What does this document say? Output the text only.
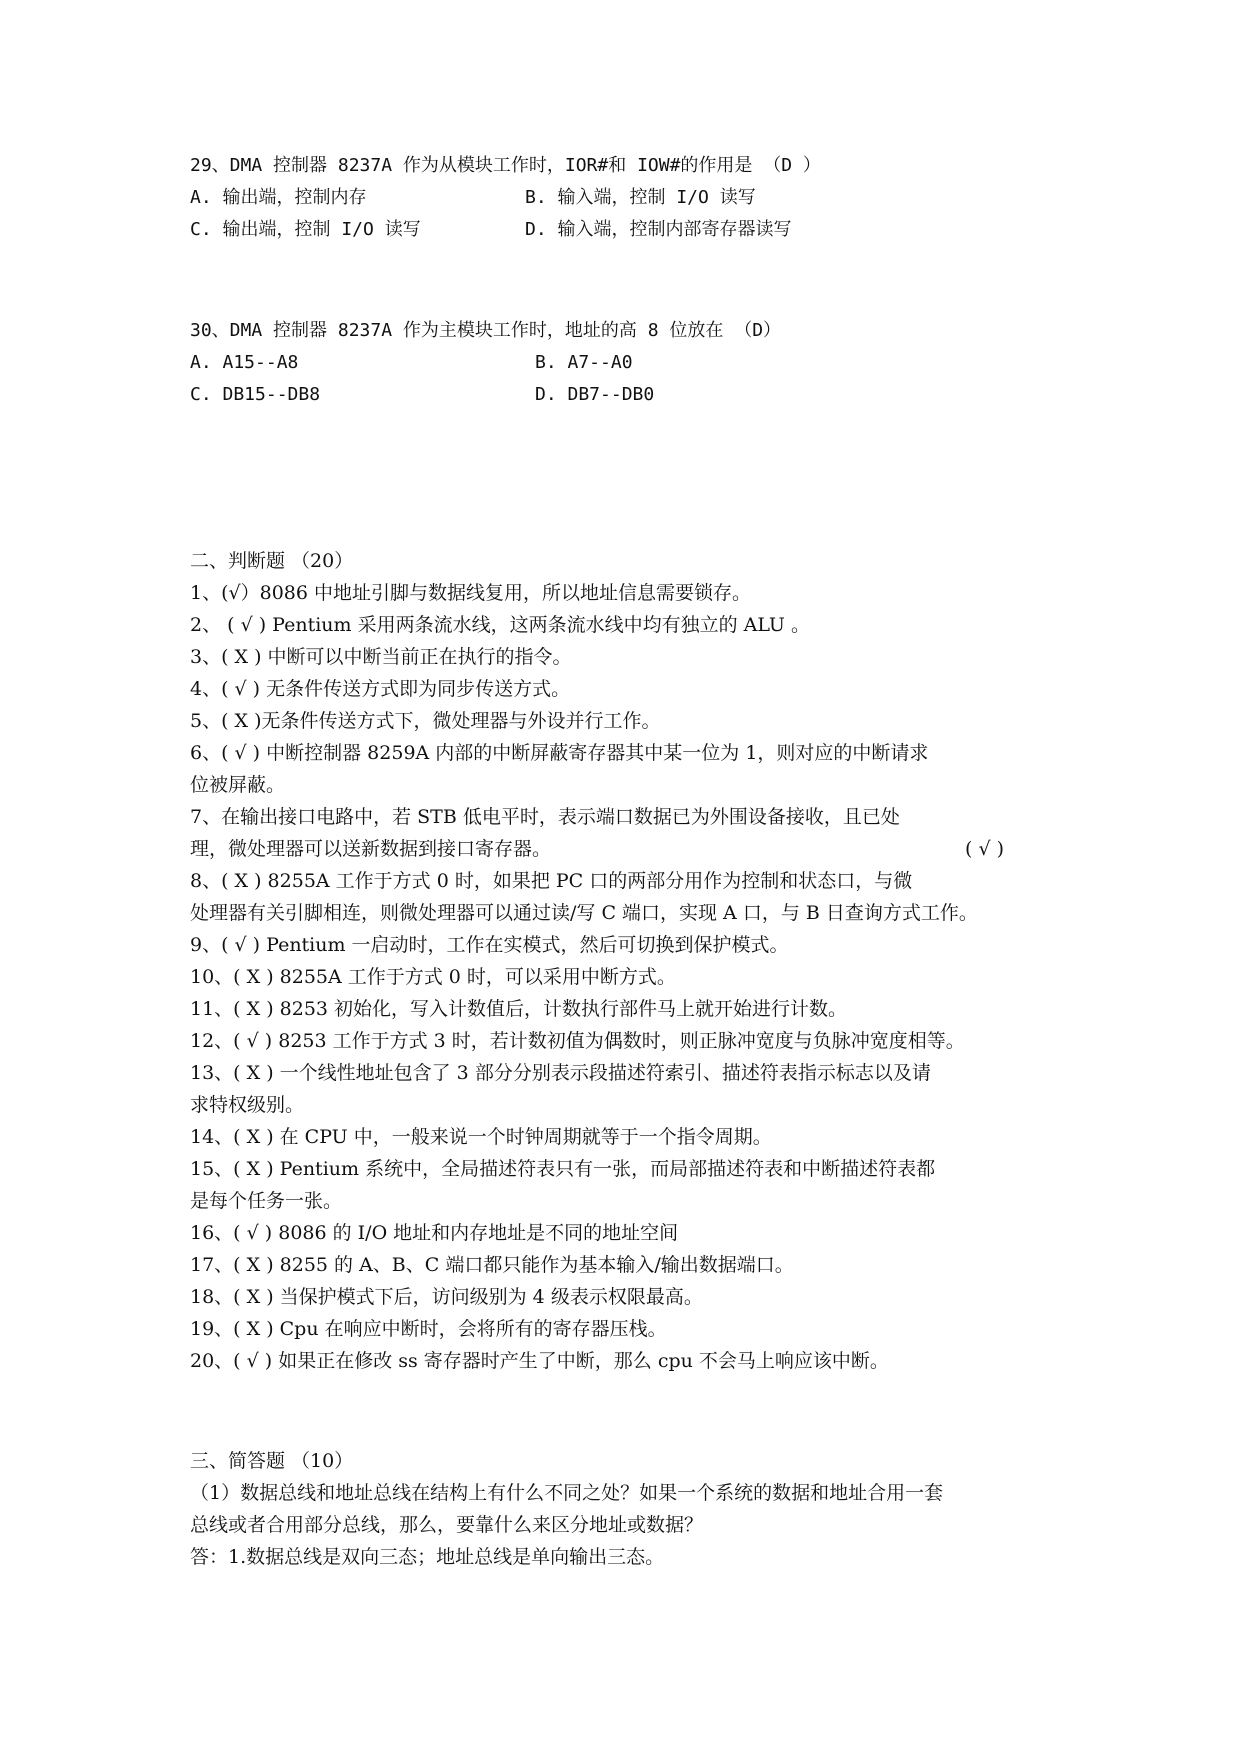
29、DMA 控制器 8237A 作为从模块工作时，IOR#和 IOW#的作用是 （D ）
A. 输出端，控制内存	B. 输入端，控制 I/O 读写
C. 输出端，控制 I/O 读写	D. 输入端，控制内部寄存器读写
30、DMA 控制器 8237A 作为主模块工作时，地址的高 8 位放在 （D）
A. A15--A8	B. A7--A0
C. DB15--DB8	D. DB7--DB0
二、判断题 （20）
1、(√）8086 中地址引脚与数据线复用，所以地址信息需要锁存。
2、 ( √ ) Pentium 采用两条流水线，这两条流水线中均有独立的 ALU 。
3、( X ) 中断可以中断当前正在执行的指令。
4、( √ ) 无条件传送方式即为同步传送方式。
5、( X )无条件传送方式下，微处理器与外设并行工作。
6、( √ ) 中断控制器 8259A 内部的中断屏蔽寄存器其中某一位为 1，则对应的中断请求
位被屏蔽。
7、在输出接口电路中，若 STB 低电平时，表示端口数据已为外围设备接收，且已处
理，微处理器可以送新数据到接口寄存器。	( √ )
8、( X ) 8255A 工作于方式 0 时，如果把 PC 口的两部分用作为控制和状态口，与微
处理器有关引脚相连，则微处理器可以通过读/写 C 端口，实现 A 口，与 B 日查询方式工作。
9、( √ ) Pentium 一启动时，工作在实模式，然后可切换到保护模式。
10、( X ) 8255A 工作于方式 0 时，可以采用中断方式。
11、( X ) 8253 初始化，写入计数值后，计数执行部件马上就开始进行计数。
12、( √ ) 8253 工作于方式 3 时，若计数初值为偶数时，则正脉冲宽度与负脉冲宽度相等。
13、( X ) 一个线性地址包含了 3 部分分别表示段描述符索引、描述符表指示标志以及请
求特权级别。
14、( X ) 在 CPU 中，一般来说一个时钟周期就等于一个指令周期。
15、( X ) Pentium 系统中，全局描述符表只有一张，而局部描述符表和中断描述符表都
是每个任务一张。
16、( √ ) 8086 的 I/O 地址和内存地址是不同的地址空间
17、( X ) 8255 的 A、B、C 端口都只能作为基本输入/输出数据端口。
18、( X ) 当保护模式下后，访问级别为 4 级表示权限最高。
19、( X ) Cpu 在响应中断时，会将所有的寄存器压栈。
20、( √ ) 如果正在修改 ss 寄存器时产生了中断，那么 cpu 不会马上响应该中断。
三、简答题 （10）
（1）数据总线和地址总线在结构上有什么不同之处？如果一个系统的数据和地址合用一套
总线或者合用部分总线，那么，要靠什么来区分地址或数据？
答：1.数据总线是双向三态；地址总线是单向输出三态。
